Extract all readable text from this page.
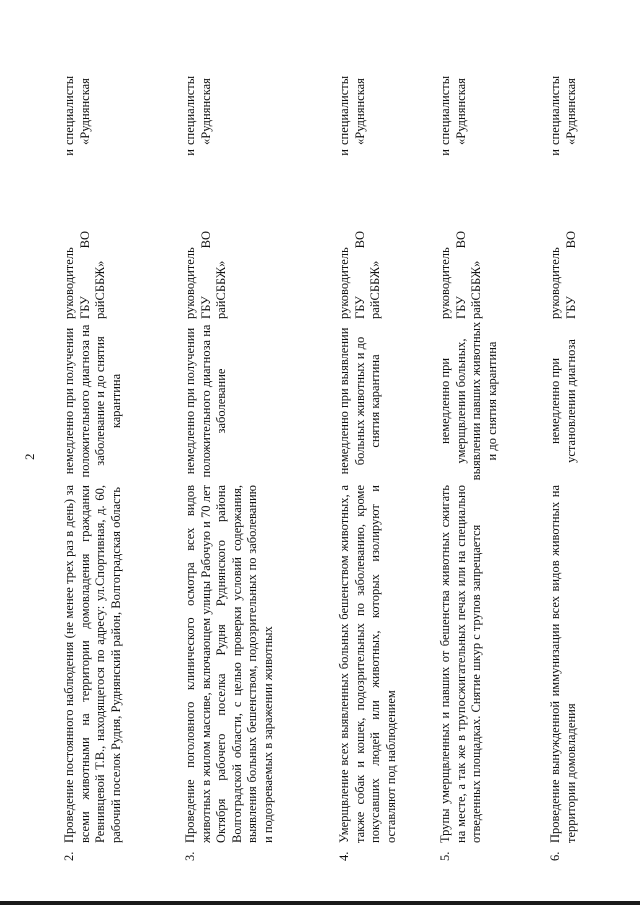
2
2.
Проведение постоянного наблюдения (не менее трех раз в день) за всеми животными на территории домовладения гражданки Ревнивцевой Т.В., находящегося по адресу: ул.Спортивная, д. 60, рабочий поселок Рудня, Руднянский район, Волгоградская область
немедленно при получении положительного диагноза на заболевание и до снятия карантина
руководитель
и
ГБУ
ВО
райСББЖ»
специалисты «Руднянская
3.
Проведение поголовного клинического осмотра всех видов животных в жилом массиве, включающем улицы Рабочую и 70 лет Октября рабочего поселка Рудня Руднянского района Волгоградской области, с целью проверки условий содержания, выявления больных бешенством, подозрительных по заболеванию и подозреваемых в заражении животных
немедленно при получении положительного диагноза на заболевание
руководитель
и
ГБУ
ВО
райСББЖ»
специалисты «Руднянская
4.
Умерщвление всех выявленных больных бешенством животных, а также собак и кошек, подозрительных по заболеванию, кроме покусавших людей или животных, которых изолируют и оставляют под наблюдением
немедленно при выявлении больных животных и до снятия карантина
руководитель
и
ГБУ
ВО
райСББЖ»
специалисты «Руднянская
5.
Трупы умерщвленных и павших от бешенства животных сжигать на месте, а так же в трупосжигательных печах или на специально отведенных площадках. Снятие шкур с трупов запрещается
немедленно при умерщвлении больных, выявлении павших животных и до снятия карантина
руководитель
и
ГБУ
ВО
райСББЖ»
специалисты «Руднянская
6.
Проведение вынужденной иммунизации всех видов животных на территории домовладения
немедленно при установлении диагноза
руководитель
и
ГБУ
ВО
специалисты «Руднянская
